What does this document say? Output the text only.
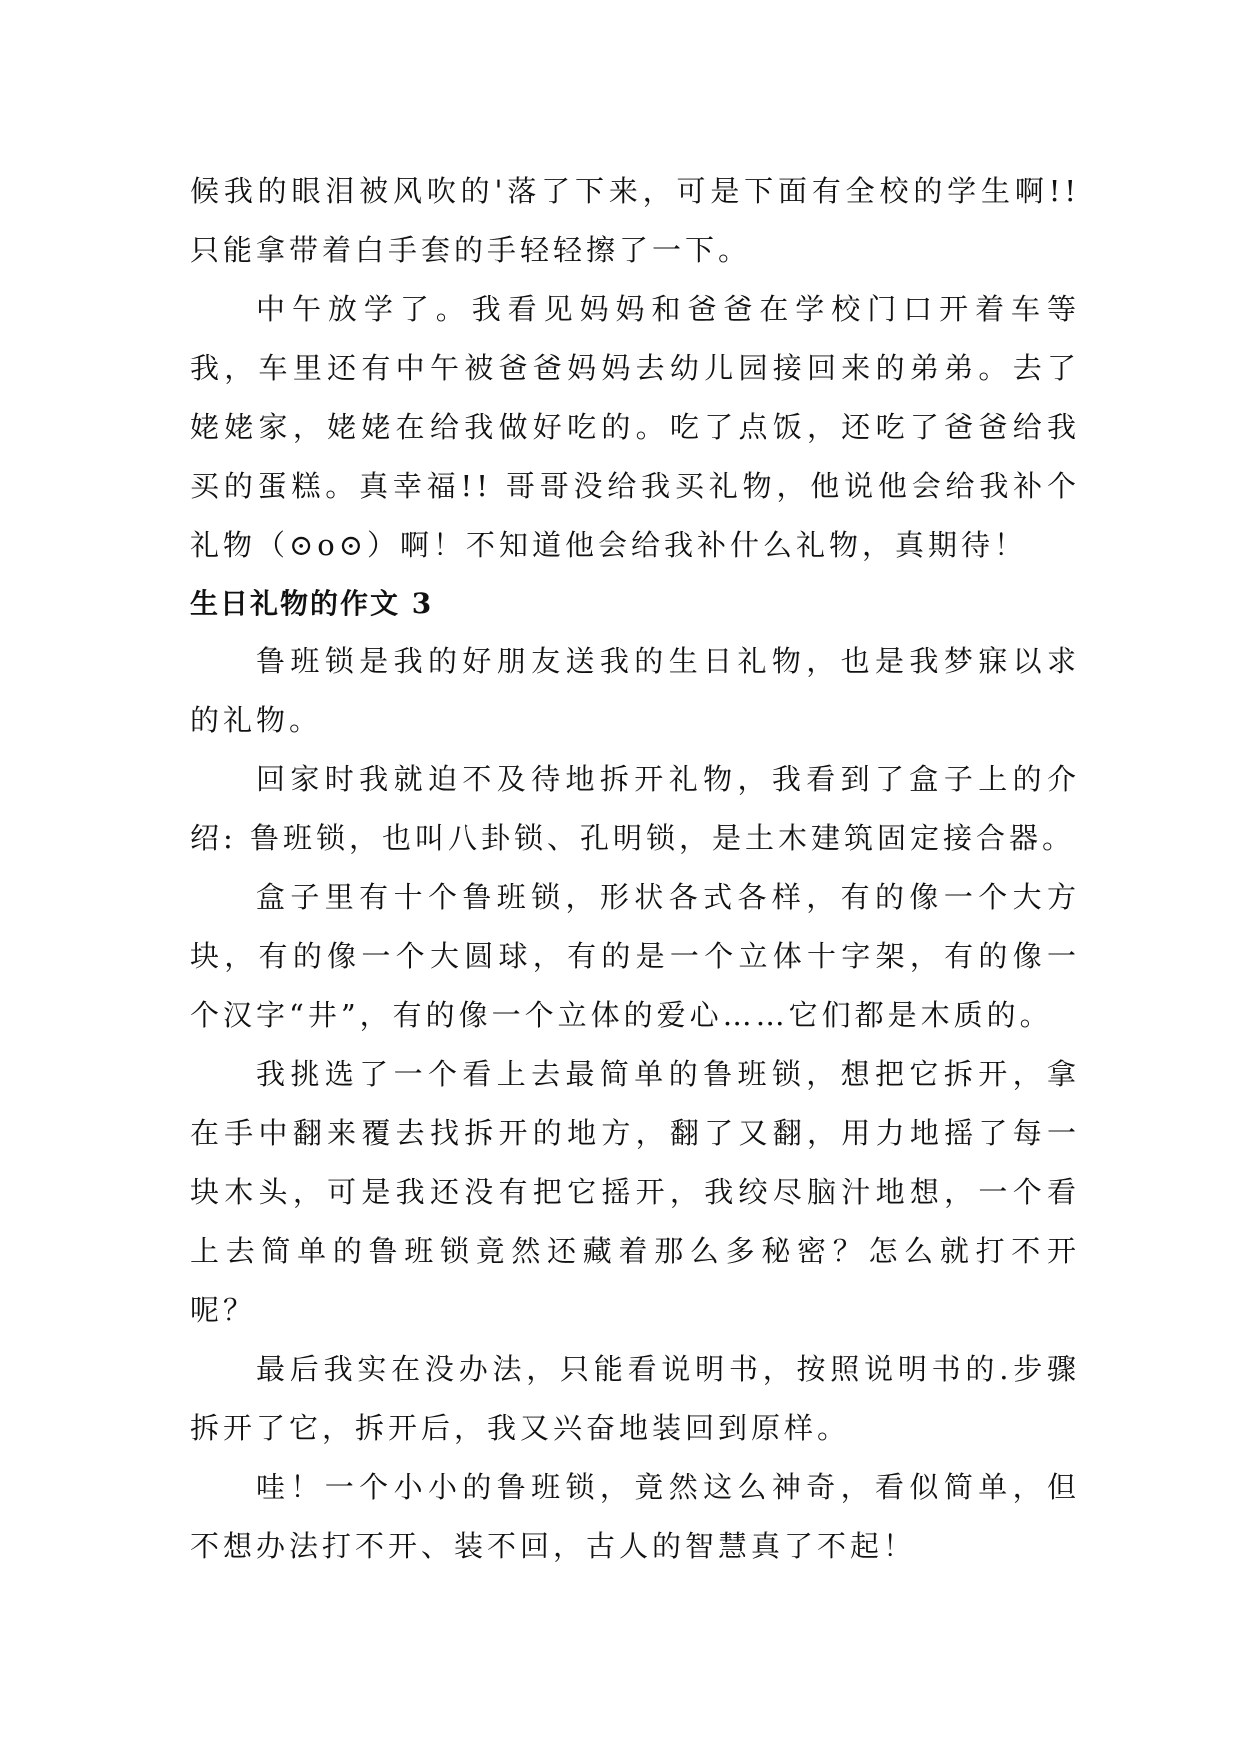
候我的眼泪被风吹的'落了下来，可是下面有全校的学生啊!! 只能拿带着白手套的手轻轻擦了一下。

中午放学了。我看见妈妈和爸爸在学校门口开着车等我，车里还有中午被爸爸妈妈去幼儿园接回来的弟弟。去了姥姥家，姥姥在给我做好吃的。吃了点饭，还吃了爸爸给我买的蛋糕。真幸福!! 哥哥没给我买礼物，他说他会给我补个礼物（⊙o⊙）啊！不知道他会给我补什么礼物，真期待！

生日礼物的作文 3

鲁班锁是我的好朋友送我的生日礼物，也是我梦寐以求的礼物。

回家时我就迫不及待地拆开礼物，我看到了盒子上的介绍: 鲁班锁，也叫八卦锁、孔明锁，是土木建筑固定接合器。

盒子里有十个鲁班锁，形状各式各样，有的像一个大方块，有的像一个大圆球，有的是一个立体十字架，有的像一个汉字“井”，有的像一个立体的爱心……它们都是木质的。

我挑选了一个看上去最简单的鲁班锁，想把它拆开，拿在手中翻来覆去找拆开的地方，翻了又翻，用力地摇了每一块木头，可是我还没有把它摇开，我绞尽脑汁地想，一个看上去简单的鲁班锁竟然还藏着那么多秘密？怎么就打不开呢？

最后我实在没办法，只能看说明书，按照说明书的.步骤拆开了它，拆开后，我又兴奋地装回到原样。

哇！一个小小的鲁班锁，竟然这么神奇，看似简单，但不想办法打不开、装不回，古人的智慧真了不起！
